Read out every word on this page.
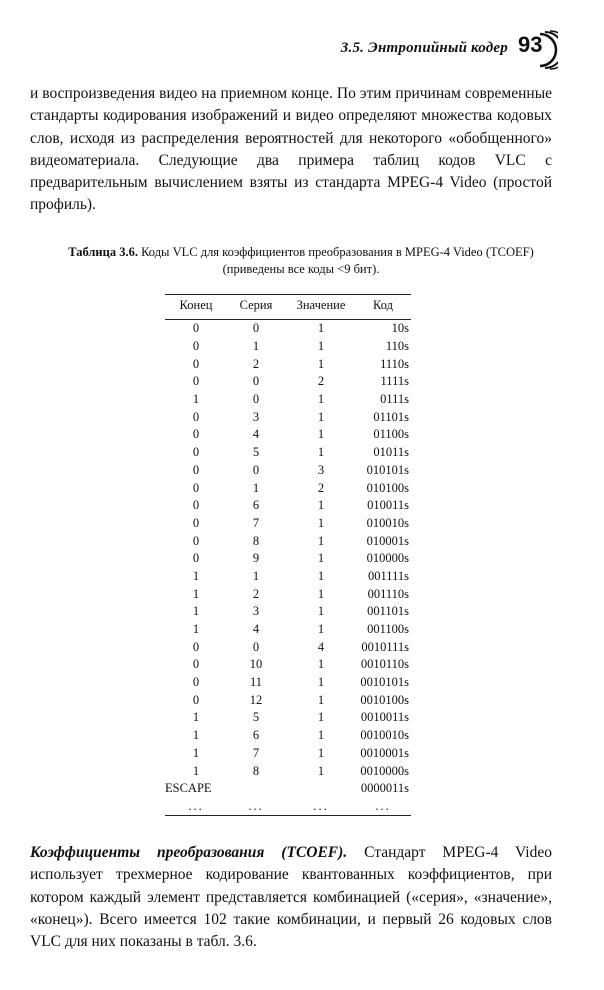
3.5. Энтропийный кодер 93

и воспроизведения видео на приемном конце. По этим причинам современные стандарты кодирования изображений и видео определяют множества кодовых слов, исходя из распределения вероятностей для некоторого «обобщенного» видеоматериала. Следующие два примера таблиц кодов VLC с предварительным вычислением взяты из стандарта MPEG-4 Video (простой профиль).

Таблица 3.6. Коды VLC для коэффициентов преобразования в MPEG-4 Video (TCOEF) (приведены все коды <9 бит).
Конец	Серия	Значение	Код
0	0	1	10s
0	1	1	110s
0	2	1	1110s
0	0	2	1111s
1	0	1	0111s
0	3	1	01101s
0	4	1	01100s
0	5	1	01011s
0	0	3	010101s
0	1	2	010100s
0	6	1	010011s
0	7	1	010010s
0	8	1	010001s
0	9	1	010000s
1	1	1	001111s
1	2	1	001110s
1	3	1	001101s
1	4	1	001100s
0	0	4	0010111s
0	10	1	0010110s
0	11	1	0010101s
0	12	1	0010100s
1	5	1	0010011s
1	6	1	0010010s
1	7	1	0010001s
1	8	1	0010000s
ESCAPE			0000011s
...	...	...	...

Коэффициенты преобразования (TCOEF). Стандарт MPEG-4 Video использует трехмерное кодирование квантованных коэффициентов, при котором каждый элемент представляется комбинацией («серия», «значение», «конец»). Всего имеется 102 такие комбинации, и первый 26 кодовых слов VLC для них показаны в табл. 3.6.
